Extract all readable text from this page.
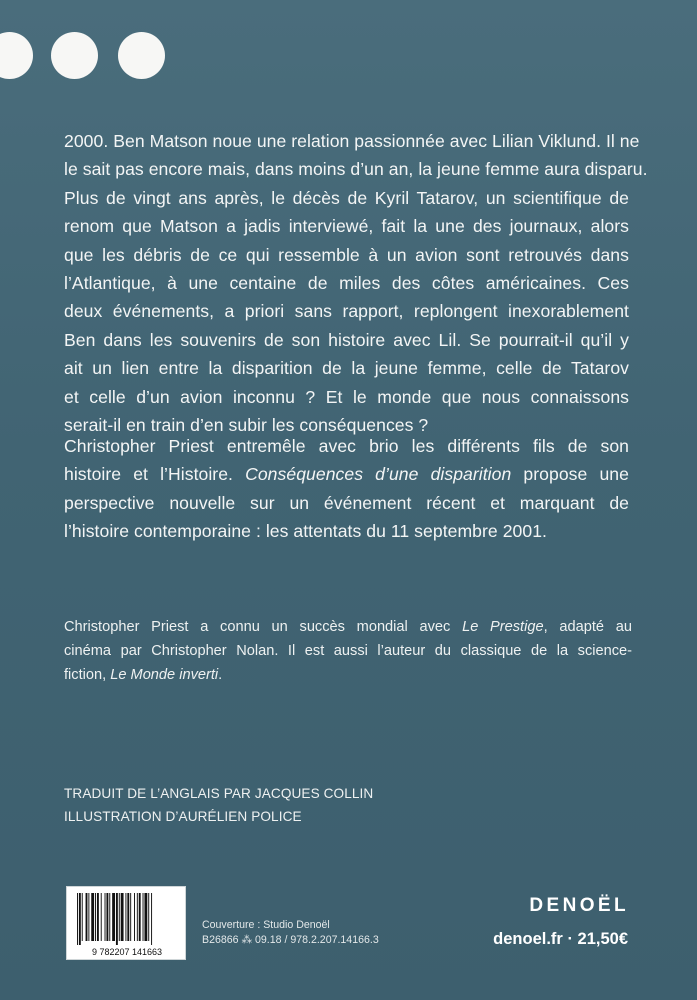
2000. Ben Matson noue une relation passionnée avec Lilian Viklund. Il ne
le sait pas encore mais, dans moins d’un an, la jeune femme aura disparu.
Plus de vingt ans après, le décès de Kyril Tatarov, un scientifique de
renom que Matson a jadis interviewé, fait la une des journaux, alors
que les débris de ce qui ressemble à un avion sont retrouvés dans
l’Atlantique, à une centaine de miles des côtes américaines. Ces
deux événements, a priori sans rapport, replongent inexorablement
Ben dans les souvenirs de son histoire avec Lil. Se pourrait-il qu’il y
ait un lien entre la disparition de la jeune femme, celle de Tatarov
et celle d’un avion inconnu ? Et le monde que nous connaissons
serait-il en train d’en subir les conséquences ?
Christopher Priest entremêle avec brio les différents fils de son
histoire et l’Histoire. Conséquences d’une disparition propose une
perspective nouvelle sur un événement récent et marquant de
l’histoire contemporaine : les attentats du 11 septembre 2001.
Christopher Priest a connu un succès mondial avec Le Prestige, adapté au
cinéma par Christopher Nolan. Il est aussi l’auteur du classique de la science-
fiction, Le Monde inverti.
TRADUIT DE L’ANGLAIS PAR JACQUES COLLIN
ILLUSTRATION D’AURÉLIEN POLICE
9 782207 141663
Couverture : Studio Denoël
B26866 ⁂ 09.18 / 978.2.207.14166.3
DENOËL
denoel.fr · 21,50€
